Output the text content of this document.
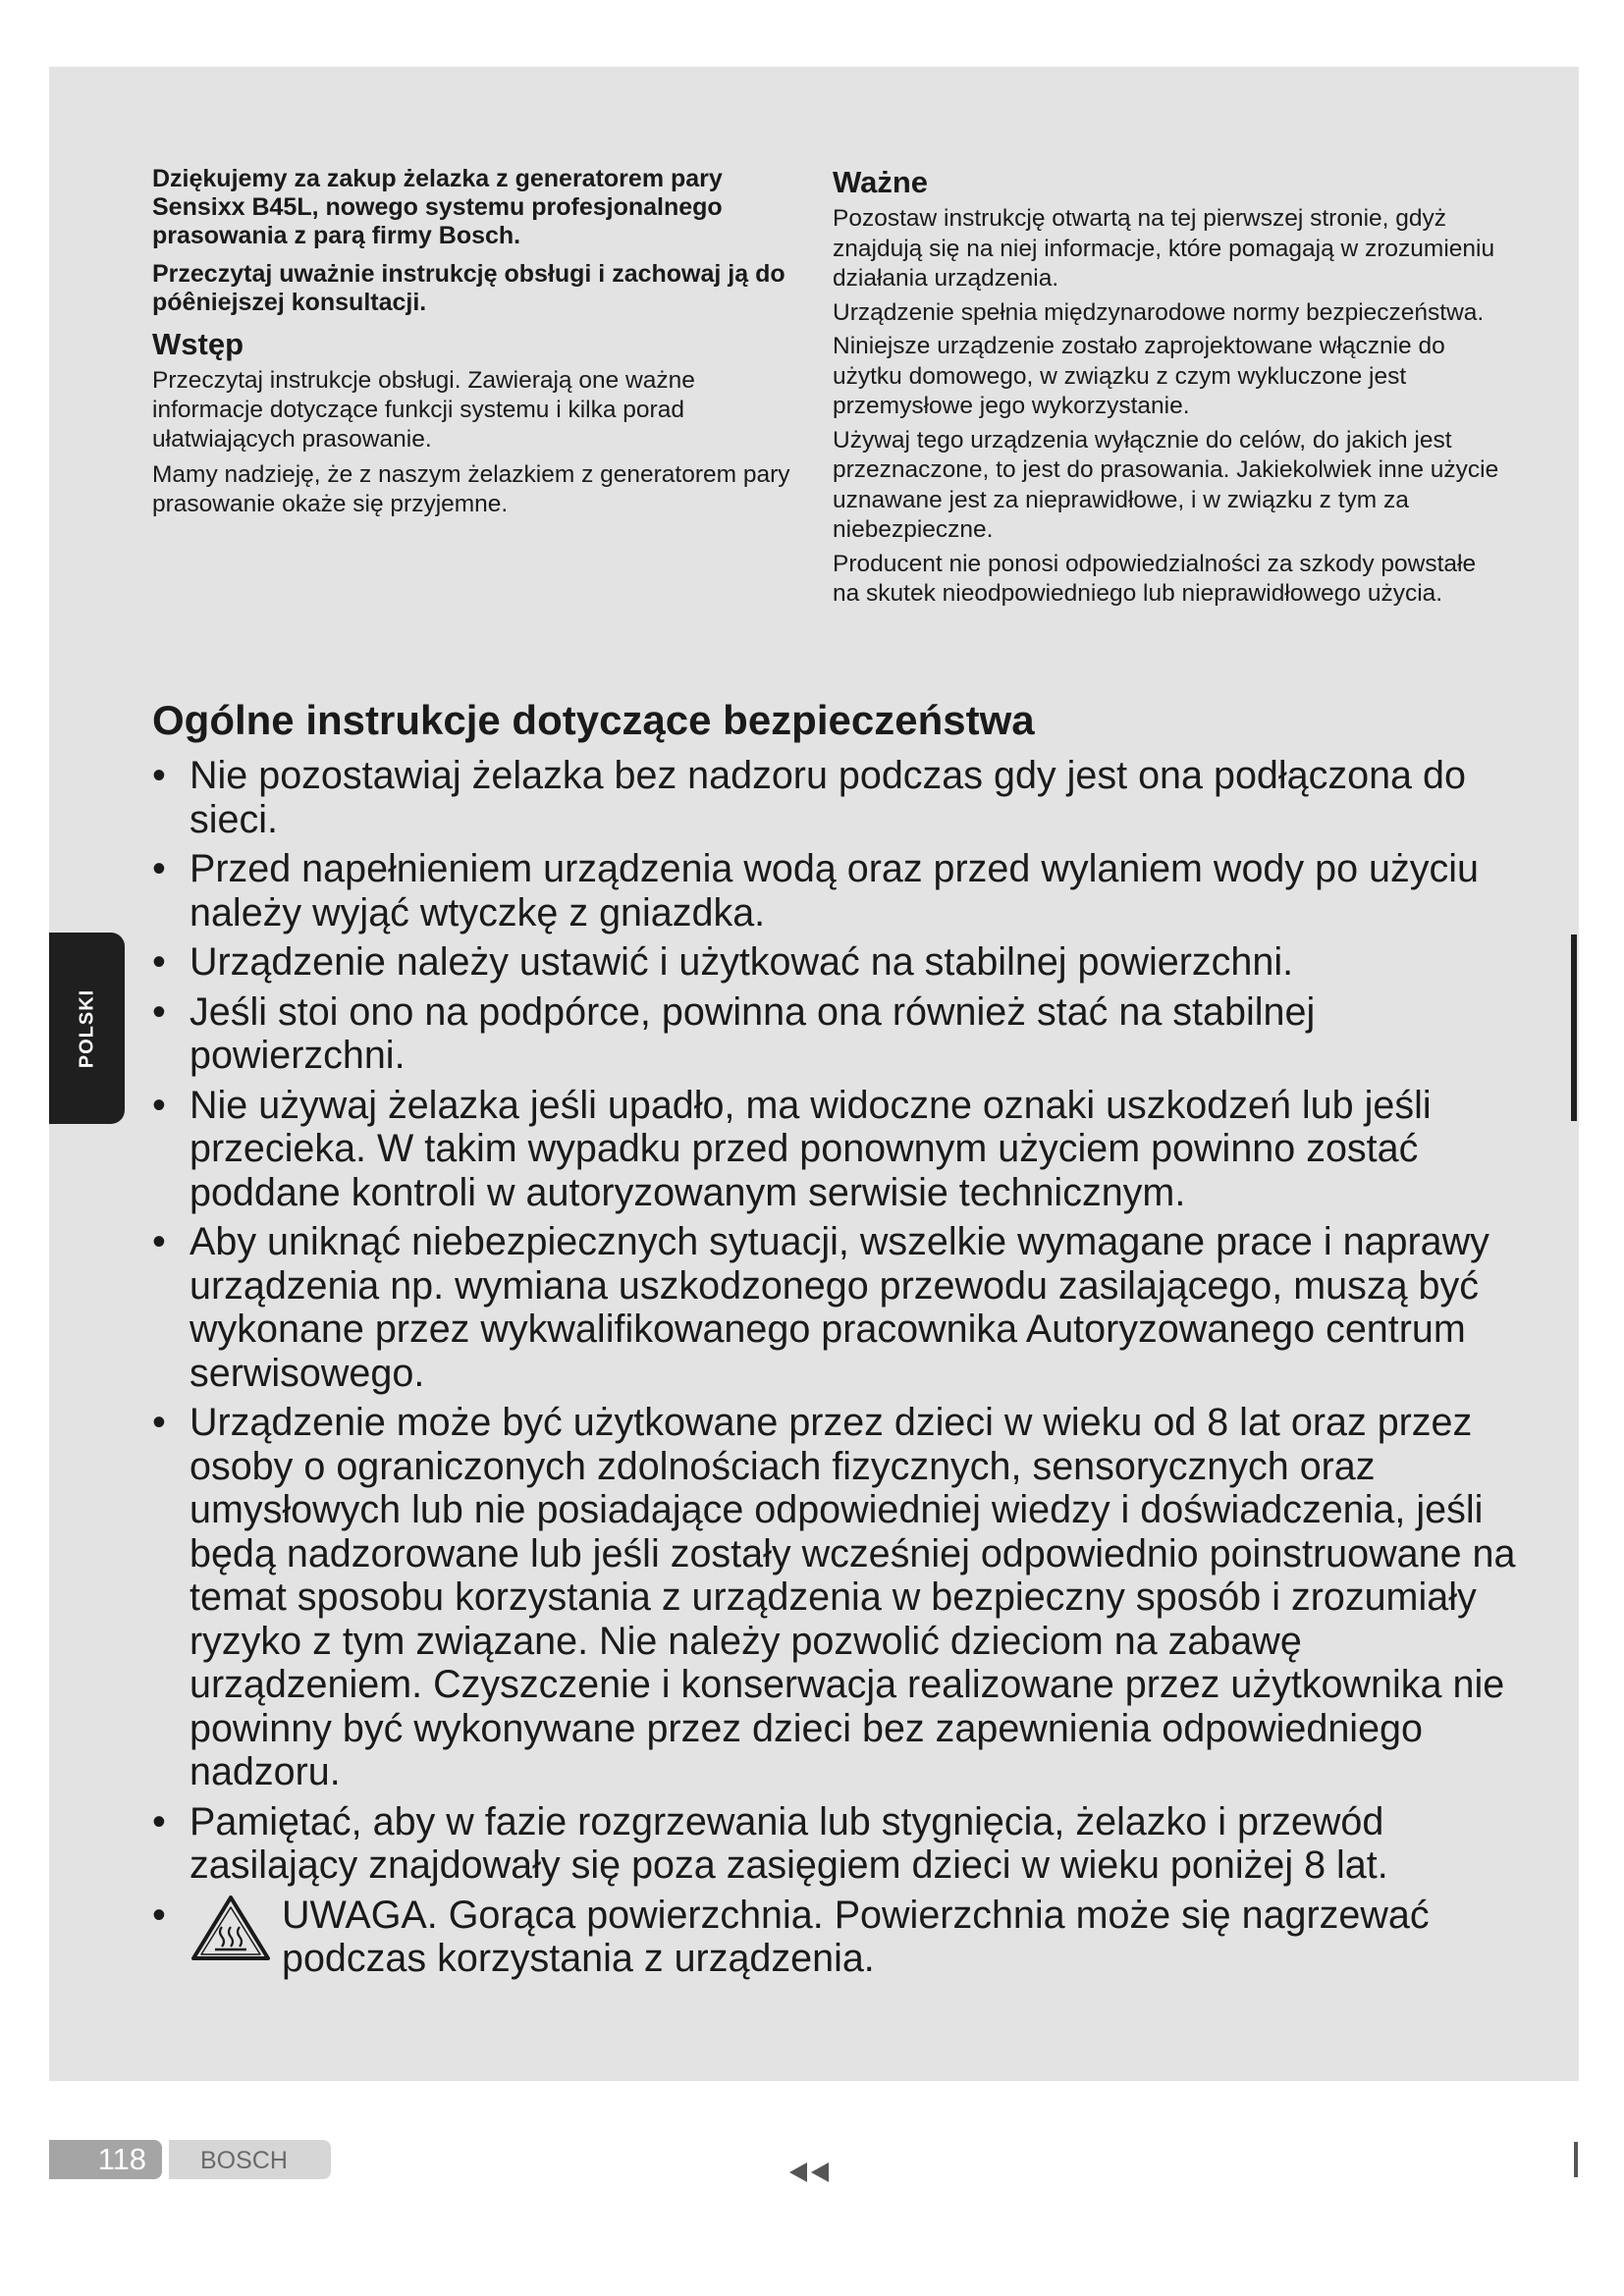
Dziękujemy za zakup żelazka z generatorem pary Sensixx B45L, nowego systemu profesjonalnego prasowania z parą firmy Bosch.

Przeczytaj uważnie instrukcję obsługi i zachowaj ją do póêniejszej konsultacji.

Wstęp

Przeczytaj instrukcje obsługi. Zawierają one ważne informacje dotyczące funkcji systemu i kilka porad ułatwiających prasowanie.

Mamy nadzieję, że z naszym żelazkiem z generatorem pary prasowanie okaże się przyjemne.

Ważne

Pozostaw instrukcję otwartą na tej pierwszej stronie, gdyż znajdują się na niej informacje, które pomagają w zrozumieniu działania urządzenia.

Urządzenie spełnia międzynarodowe normy bezpieczeństwa.

Niniejsze urządzenie zostało zaprojektowane włącznie do użytku domowego, w związku z czym wykluczone jest przemysłowe jego wykorzystanie.

Używaj tego urządzenia wyłącznie do celów, do jakich jest przeznaczone, to jest do prasowania. Jakiekolwiek inne użycie uznawane jest za nieprawidłowe, i w związku z tym za niebezpieczne.

Producent nie ponosi odpowiedzialności za szkody powstałe na skutek nieodpowiedniego lub nieprawidłowego użycia.

Ogólne instrukcje dotyczące bezpieczeństwa
• Nie pozostawiaj żelazka bez nadzoru podczas gdy jest ona podłączona do sieci.
• Przed napełnieniem urządzenia wodą oraz przed wylaniem wody po użyciu należy wyjąć wtyczkę z gniazdka.
• Urządzenie należy ustawić i użytkować na stabilnej powierzchni.
• Jeśli stoi ono na podpórce, powinna ona również stać na stabilnej powierzchni.
• Nie używaj żelazka jeśli upadło, ma widoczne oznaki uszkodzeń lub jeśli przecieka. W takim wypadku przed ponownym użyciem powinno zostać poddane kontroli w autoryzowanym serwisie technicznym.
• Aby uniknąć niebezpiecznych sytuacji, wszelkie wymagane prace i naprawy urządzenia np. wymiana uszkodzonego przewodu zasilającego, muszą być wykonane przez wykwalifikowanego pracownika Autoryzowanego centrum serwisowego.
• Urządzenie może być użytkowane przez dzieci w wieku od 8 lat oraz przez osoby o ograniczonych zdolnościach fizycznych, sensorycznych oraz umysłowych lub nie posiadające odpowiedniej wiedzy i doświadczenia, jeśli będą nadzorowane lub jeśli zostały wcześniej odpowiednio poinstruowane na temat sposobu korzystania z urządzenia w bezpieczny sposób i zrozumiały ryzyko z tym związane. Nie należy pozwolić dzieciom na zabawę urządzeniem. Czyszczenie i konserwacja realizowane przez użytkownika nie powinny być wykonywane przez dzieci bez zapewnienia odpowiedniego nadzoru.
• Pamiętać, aby w fazie rozgrzewania lub stygnięcia, żelazko i przewód zasilający znajdowały się poza zasięgiem dzieci w wieku poniżej 8 lat.
•	UWAGA. Gorąca powierzchnia. Powierzchnia może się nagrzewać podczas korzystania z urządzenia.
POLSKI
118 BOSCH
